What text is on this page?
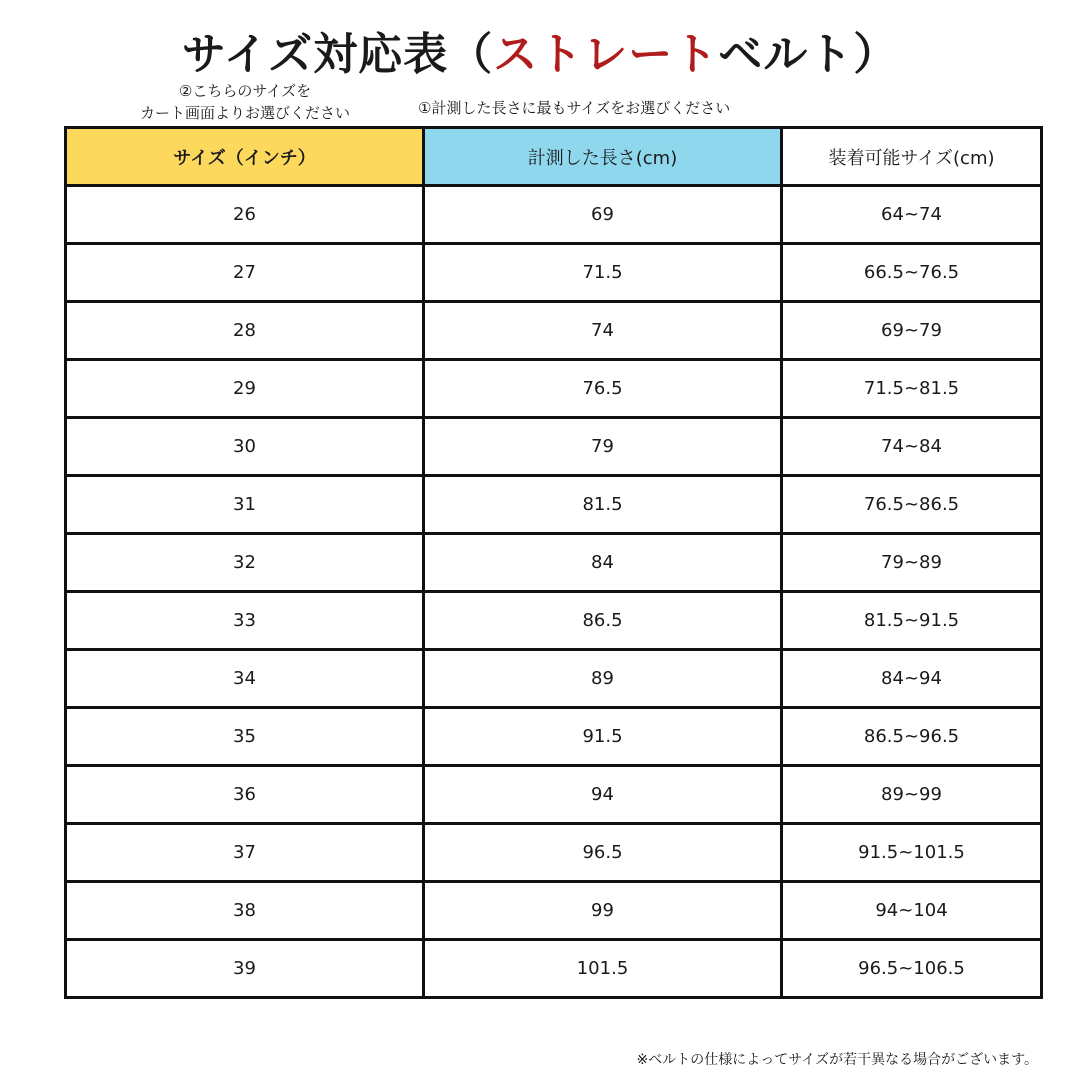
サイズ対応表（ストレートベルト）
②こちらのサイズを
カート画面よりお選びください	①計測した長さに最もサイズをお選びください
サイズ（インチ）	計測した長さ(cm)	装着可能サイズ(cm)
26	69	64~74
27	71.5	66.5~76.5
28	74	69~79
29	76.5	71.5~81.5
30	79	74~84
31	81.5	76.5~86.5
32	84	79~89
33	86.5	81.5~91.5
34	89	84~94
35	91.5	86.5~96.5
36	94	89~99
37	96.5	91.5~101.5
38	99	94~104
39	101.5	96.5~106.5
※ベルトの仕様によってサイズが若干異なる場合がございます。
